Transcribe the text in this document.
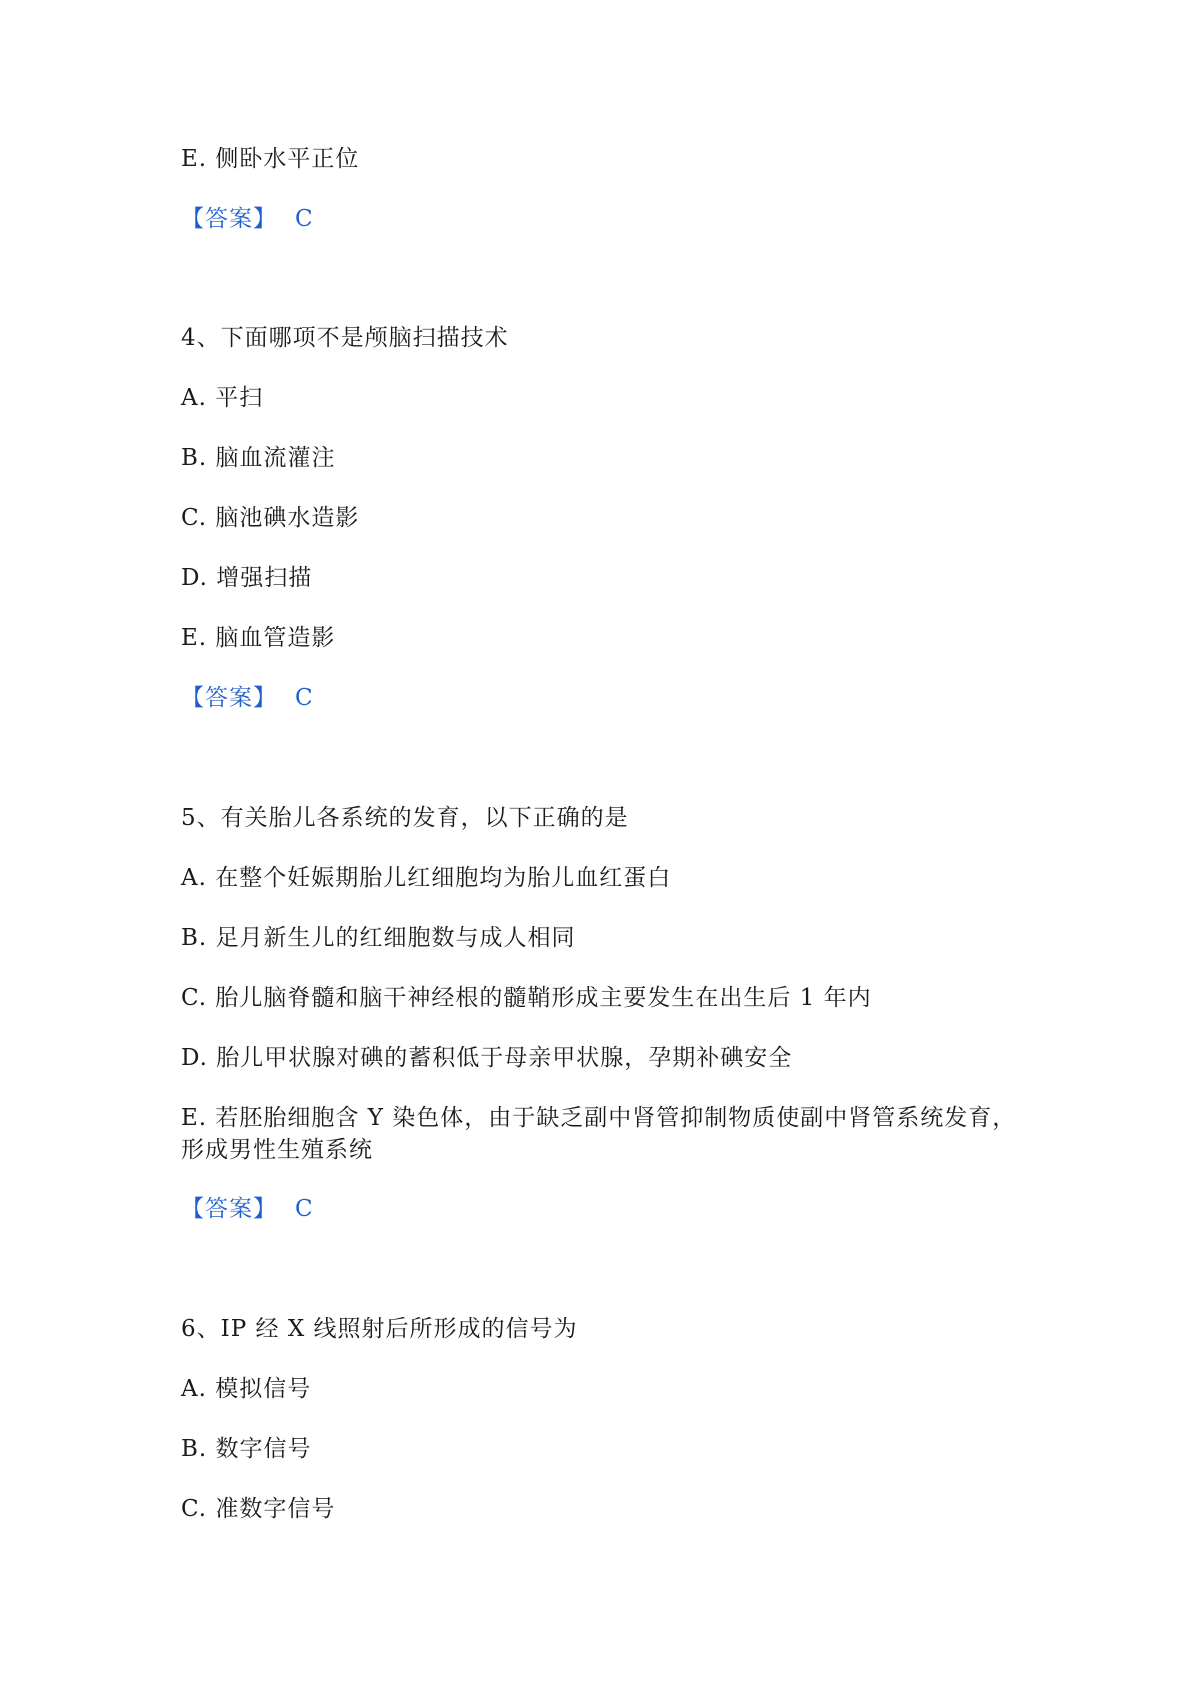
E. 侧卧水平正位
【答案】 C
4、下面哪项不是颅脑扫描技术
A. 平扫
B. 脑血流灌注
C. 脑池碘水造影
D. 增强扫描
E. 脑血管造影
【答案】 C
5、有关胎儿各系统的发育，以下正确的是
A. 在整个妊娠期胎儿红细胞均为胎儿血红蛋白
B. 足月新生儿的红细胞数与成人相同
C. 胎儿脑脊髓和脑干神经根的髓鞘形成主要发生在出生后 1 年内
D. 胎儿甲状腺对碘的蓄积低于母亲甲状腺，孕期补碘安全
E. 若胚胎细胞含 Y 染色体，由于缺乏副中肾管抑制物质使副中肾管系统发育，
形成男性生殖系统
【答案】 C
6、IP 经 X 线照射后所形成的信号为
A. 模拟信号
B. 数字信号
C. 准数字信号
